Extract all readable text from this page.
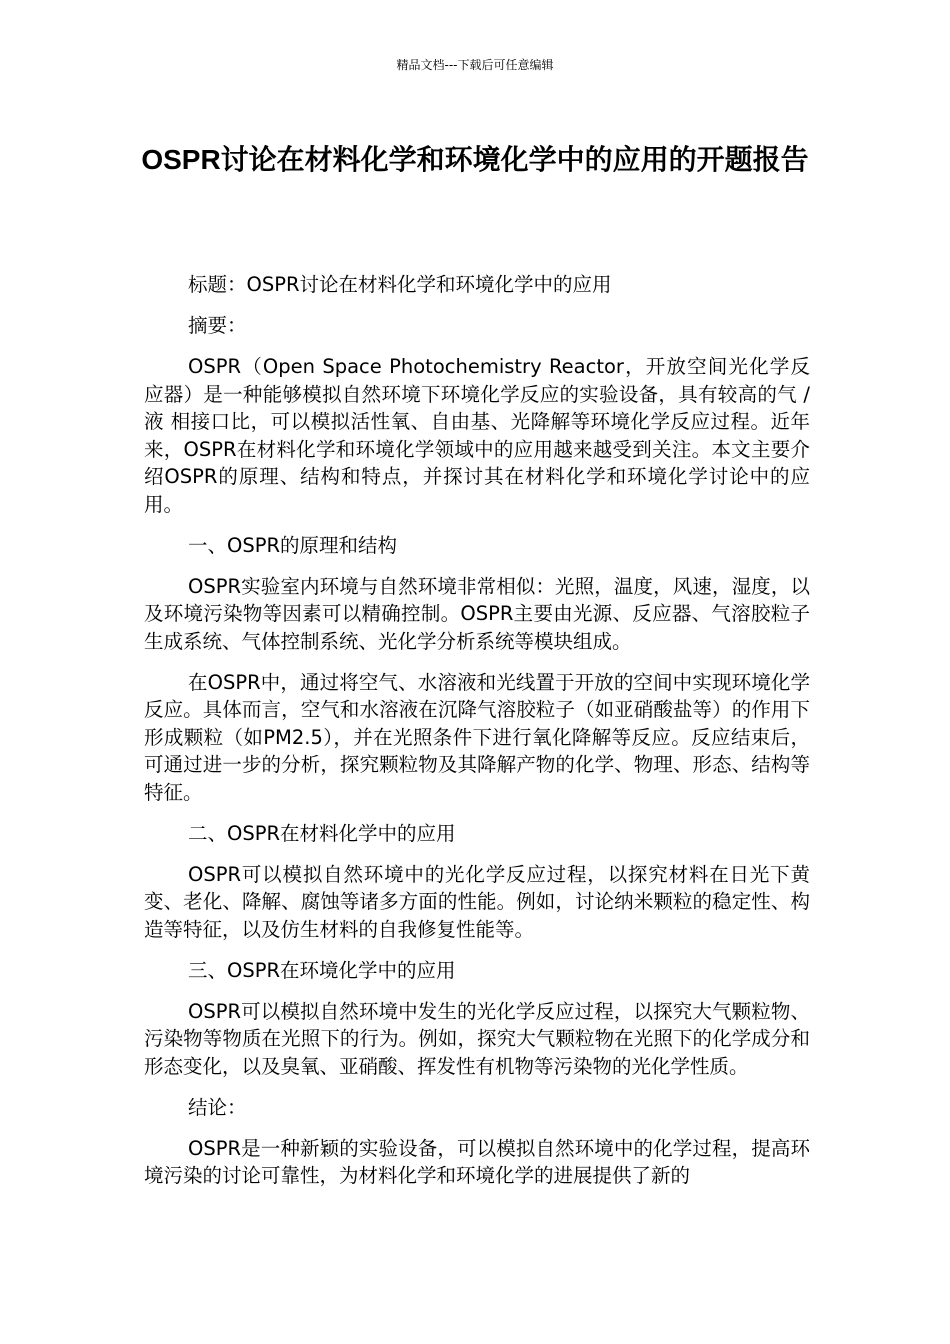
精品文档---下载后可任意编辑
OSPR讨论在材料化学和环境化学中的应用的开题报告

标题：OSPR讨论在材料化学和环境化学中的应用

摘要：

OSPR（Open Space Photochemistry Reactor，开放空间光化学反应器）是一种能够模拟自然环境下环境化学反应的实验设备，具有较高的气 / 液 相接口比，可以模拟活性氧、自由基、光降解等环境化学反应过程。近年来，OSPR在材料化学和环境化学领域中的应用越来越受到关注。本文主要介绍OSPR的原理、结构和特点，并探讨其在材料化学和环境化学讨论中的应用。

一、OSPR的原理和结构

OSPR实验室内环境与自然环境非常相似：光照，温度，风速，湿度，以及环境污染物等因素可以精确控制。OSPR主要由光源、反应器、气溶胶粒子生成系统、气体控制系统、光化学分析系统等模块组成。

在OSPR中，通过将空气、水溶液和光线置于开放的空间中实现环境化学反应。具体而言，空气和水溶液在沉降气溶胶粒子（如亚硝酸盐等）的作用下形成颗粒（如PM2.5），并在光照条件下进行氧化降解等反应。反应结束后，可通过进一步的分析，探究颗粒物及其降解产物的化学、物理、形态、结构等特征。

二、OSPR在材料化学中的应用

OSPR可以模拟自然环境中的光化学反应过程，以探究材料在日光下黄变、老化、降解、腐蚀等诸多方面的性能。例如，讨论纳米颗粒的稳定性、构造等特征，以及仿生材料的自我修复性能等。

三、OSPR在环境化学中的应用

OSPR可以模拟自然环境中发生的光化学反应过程，以探究大气颗粒物、污染物等物质在光照下的行为。例如，探究大气颗粒物在光照下的化学成分和形态变化，以及臭氧、亚硝酸、挥发性有机物等污染物的光化学性质。

结论：

OSPR是一种新颖的实验设备，可以模拟自然环境中的化学过程，提高环境污染的讨论可靠性，为材料化学和环境化学的进展提供了新的
